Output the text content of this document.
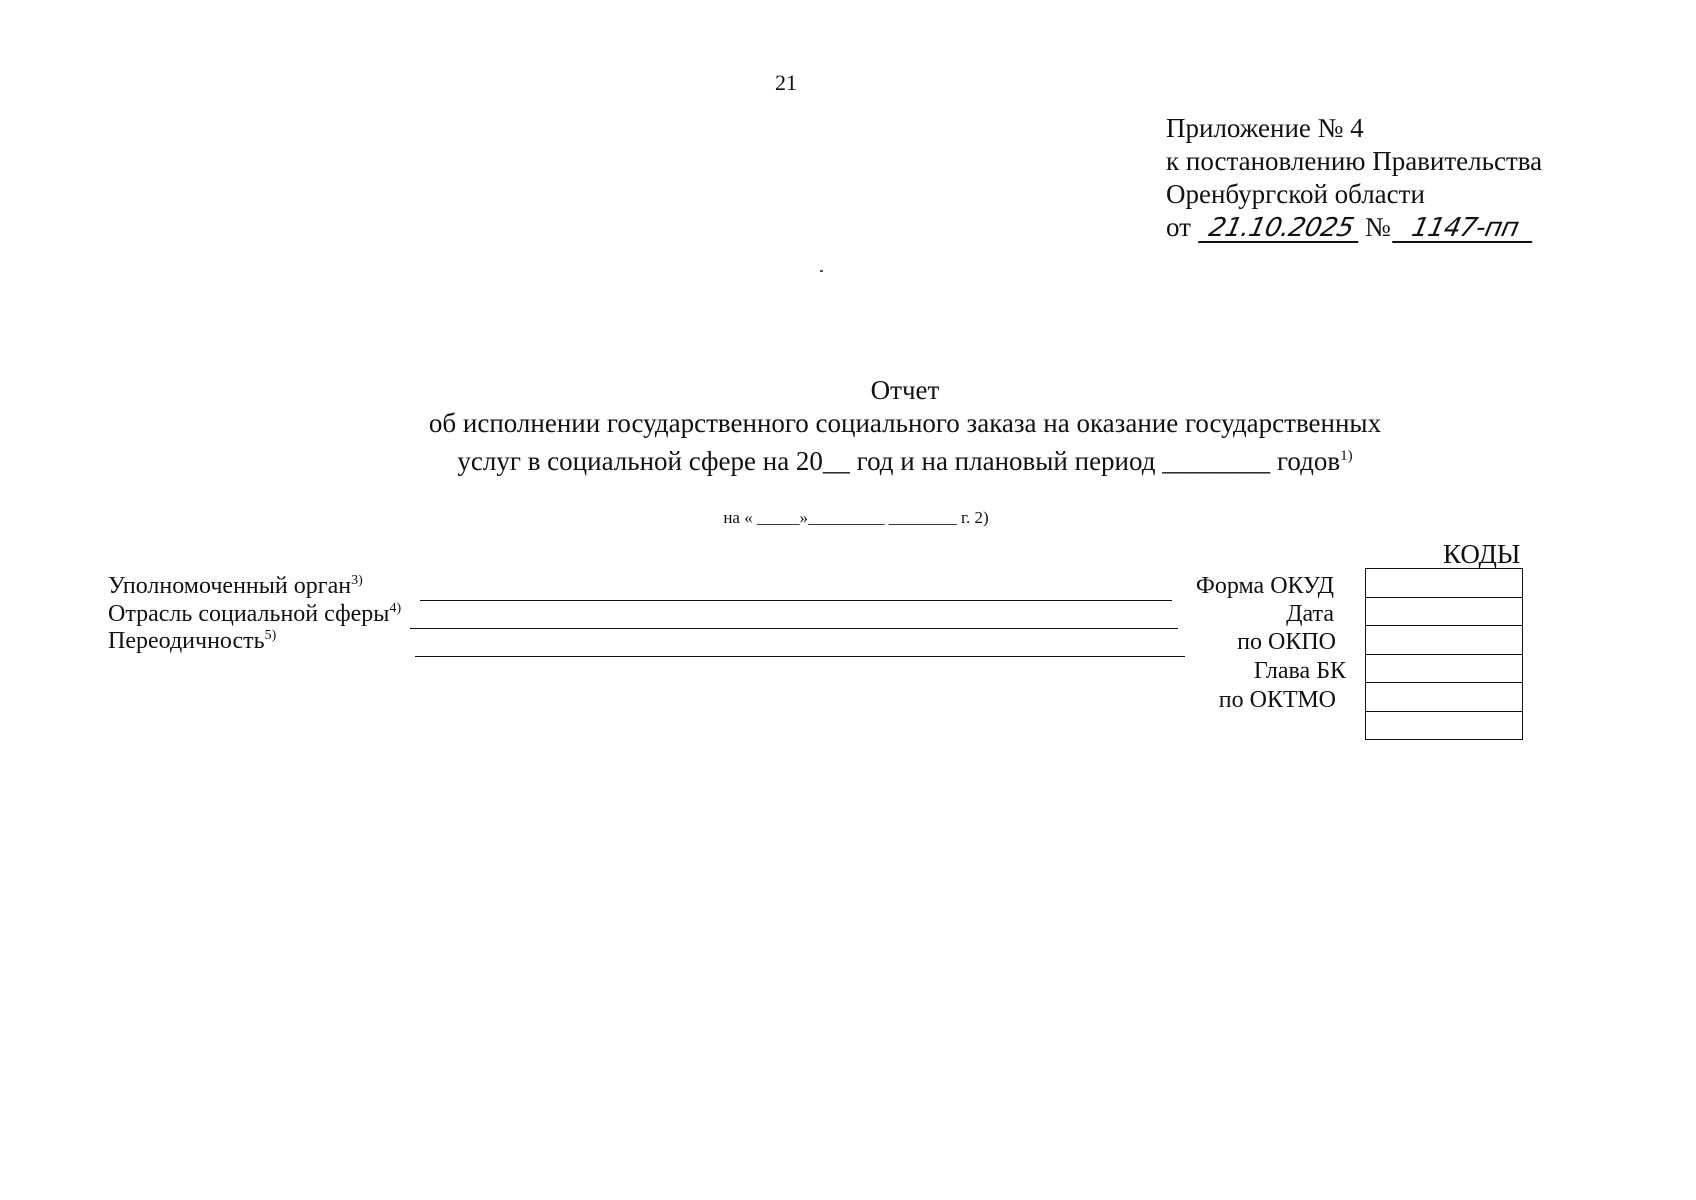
21
Приложение № 4
к постановлению Правительства
Оренбургской области
от 21.10.2025 № 1147-пп
Отчет
об исполнении государственного социального заказа на оказание государственных
услуг в социальной сфере на 20__ год и на плановый период ________ годов$^{1)}$
на « _____»_________ ________ г. 2)
Уполномоченный орган$^{3)}$
Отрасль социальной сферы$^{4)}$
Переодичность$^{5)}$
Форма ОКУД
Дата
по ОКПО
Глава БК
по ОКТМО
КОДЫ
